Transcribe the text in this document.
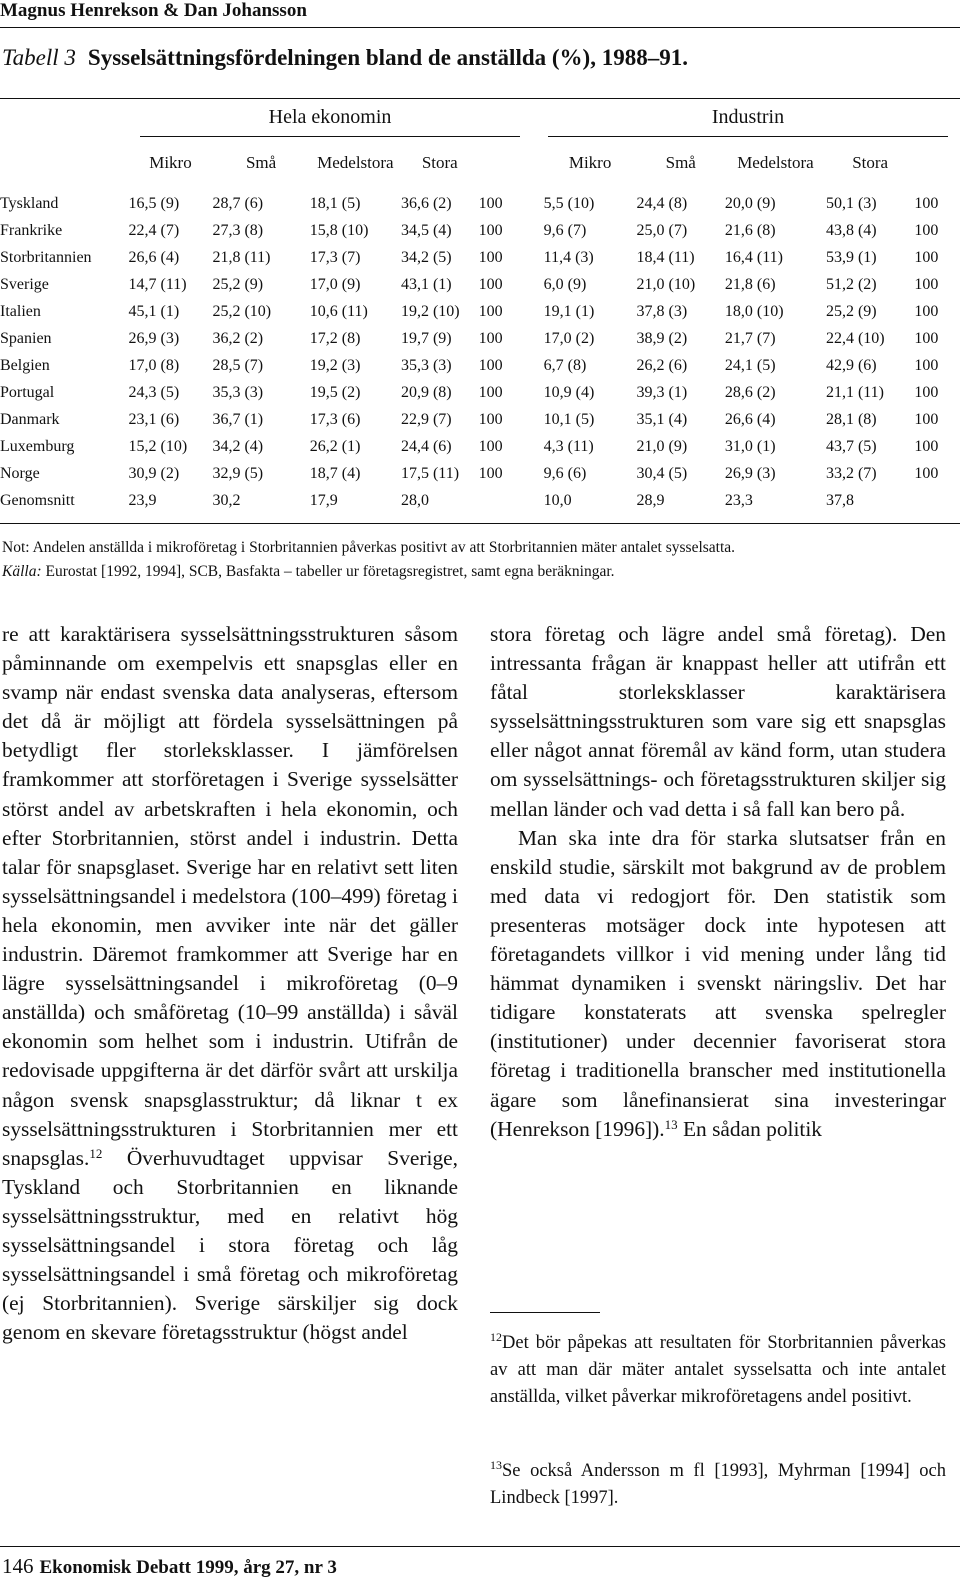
Magnus Henrekson & Dan Johansson
Tabell 3 Sysselsättningsfördelningen bland de anställda (%), 1988–91.
Hela ekonomin	Industrin
	Mikro	Små	Medelstora	Stora		Mikro	Små	Medelstora	Stora	

Tyskland	16,5 (9)	28,7 (6)	18,1 (5)	36,6 (2)	100	5,5 (10)	24,4 (8)	20,0 (9)	50,1 (3)	100
Frankrike	22,4 (7)	27,3 (8)	15,8 (10)	34,5 (4)	100	9,6 (7)	25,0 (7)	21,6 (8)	43,8 (4)	100
Storbritannien	26,6 (4)	21,8 (11)	17,3 (7)	34,2 (5)	100	11,4 (3)	18,4 (11)	16,4 (11)	53,9 (1)	100
Sverige	14,7 (11)	25,2 (9)	17,0 (9)	43,1 (1)	100	6,0 (9)	21,0 (10)	21,8 (6)	51,2 (2)	100
Italien	45,1 (1)	25,2 (10)	10,6 (11)	19,2 (10)	100	19,1 (1)	37,8 (3)	18,0 (10)	25,2 (9)	100
Spanien	26,9 (3)	36,2 (2)	17,2 (8)	19,7 (9)	100	17,0 (2)	38,9 (2)	21,7 (7)	22,4 (10)	100
Belgien	17,0 (8)	28,5 (7)	19,2 (3)	35,3 (3)	100	6,7 (8)	26,2 (6)	24,1 (5)	42,9 (6)	100
Portugal	24,3 (5)	35,3 (3)	19,5 (2)	20,9 (8)	100	10,9 (4)	39,3 (1)	28,6 (2)	21,1 (11)	100
Danmark	23,1 (6)	36,7 (1)	17,3 (6)	22,9 (7)	100	10,1 (5)	35,1 (4)	26,6 (4)	28,1 (8)	100
Luxemburg	15,2 (10)	34,2 (4)	26,2 (1)	24,4 (6)	100	4,3 (11)	21,0 (9)	31,0 (1)	43,7 (5)	100
Norge	30,9 (2)	32,9 (5)	18,7 (4)	17,5 (11)	100	9,6 (6)	30,4 (5)	26,9 (3)	33,2 (7)	100
Genomsnitt	23,9	30,2	17,9	28,0		10,0	28,9	23,3	37,8	
Not: Andelen anställda i mikroföretag i Storbritannien påverkas positivt av att Storbritannien mäter antalet sysselsatta.
Källa: Eurostat [1992, 1994], SCB, Basfakta – tabeller ur företagsregistret, samt egna beräkningar.

re att karaktärisera sysselsättningsstrukturen såsom påminnande om exempelvis ett snapsglas eller en svamp när endast svenska data analyseras, eftersom det då är möjligt att fördela sysselsättningen på betydligt fler storleksklasser. I jämförelsen framkommer att storföretagen i Sverige sysselsätter störst andel av arbetskraften i hela ekonomin, och efter Storbritannien, störst andel i industrin. Detta talar för snapsglaset. Sverige har en relativt sett liten sysselsättningsandel i medelstora (100–499) företag i hela ekonomin, men avviker inte när det gäller industrin. Däremot framkommer att Sverige har en lägre sysselsättningsandel i mikroföretag (0–9 anställda) och småföretag (10–99 anställda) i såväl ekonomin som helhet som i industrin. Utifrån de redovisade uppgifterna är det därför svårt att urskilja någon svensk snapsglasstruktur; då liknar t ex sysselsättningsstrukturen i Storbritannien mer ett snapsglas.$^{12}$ Överhuvudtaget uppvisar Sverige, Tyskland och Storbritannien en liknande sysselsättningsstruktur, med en relativt hög sysselsättningsandel i stora företag och låg sysselsättningsandel i små företag och mikroföretag (ej Storbritannien). Sverige särskiljer sig dock genom en skevare företagsstruktur (högst andel

stora företag och lägre andel små företag). Den intressanta frågan är knappast heller att utifrån ett fåtal storleksklasser karaktärisera sysselsättningsstrukturen som vare sig ett snapsglas eller något annat föremål av känd form, utan studera om sysselsättnings- och företagsstrukturen skiljer sig mellan länder och vad detta i så fall kan bero på.

Man ska inte dra för starka slutsatser från en enskild studie, särskilt mot bakgrund av de problem med data vi redogjort för. Den statistik som presenteras motsäger dock inte hypotesen att företagandets villkor i vid mening under lång tid hämmat dynamiken i svenskt näringsliv. Det har tidigare konstaterats att svenska spelregler (institutioner) under decennier favoriserat stora företag i traditionella branscher med institutionella ägare som lånefinansierat sina investeringar (Henrekson [1996]).$^{13}$ En sådan politik

$^{12}$Det bör påpekas att resultaten för Storbritannien påverkas av att man där mäter antalet sysselsatta och inte antalet anställda, vilket påverkar mikroföretagens andel positivt.
$^{13}$Se också Andersson m fl [1993], Myhrman [1994] och Lindbeck [1997].
146 Ekonomisk Debatt 1999, årg 27, nr 3
